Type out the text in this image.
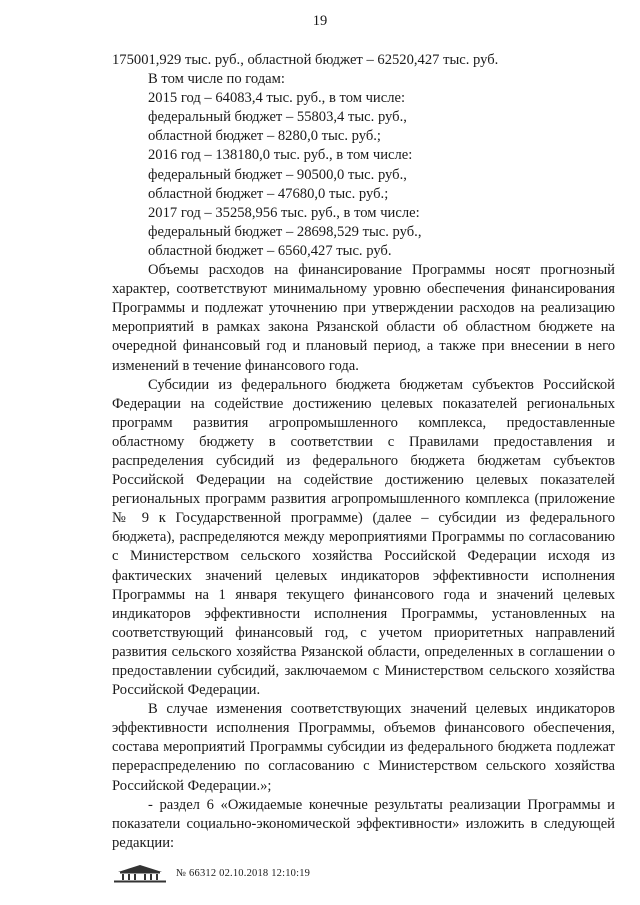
19

175001,929 тыс. руб., областной бюджет – 62520,427 тыс. руб.

В том числе по годам:

2015 год – 64083,4 тыс. руб., в том числе:

федеральный бюджет – 55803,4 тыс. руб.,

областной бюджет – 8280,0 тыс. руб.;

2016 год – 138180,0 тыс. руб., в том числе:

федеральный бюджет – 90500,0 тыс. руб.,

областной бюджет – 47680,0 тыс. руб.;

2017 год – 35258,956 тыс. руб., в том числе:

федеральный бюджет – 28698,529 тыс. руб.,

областной бюджет – 6560,427 тыс. руб.

Объемы расходов на финансирование Программы носят прогнозный характер, соответствуют минимальному уровню обеспечения финансирования Программы и подлежат уточнению при утверждении расходов на реализацию мероприятий в рамках закона Рязанской области об областном бюджете на очередной финансовый год и плановый период, а также при внесении в него изменений в течение финансового года.

Субсидии из федерального бюджета бюджетам субъектов Российской Федерации на содействие достижению целевых показателей региональных программ развития агропромышленного комплекса, предоставленные областному бюджету в соответствии с Правилами предоставления и распределения субсидий из федерального бюджета бюджетам субъектов Российской Федерации на содействие достижению целевых показателей региональных программ развития агропромышленного комплекса (приложение № 9 к Государственной программе) (далее – субсидии из федерального бюджета), распределяются между мероприятиями Программы по согласованию с Министерством сельского хозяйства Российской Федерации исходя из фактических значений целевых индикаторов эффективности исполнения Программы на 1 января текущего финансового года и значений целевых индикаторов эффективности исполнения Программы, установленных на соответствующий финансовый год, с учетом приоритетных направлений развития сельского хозяйства Рязанской области, определенных в соглашении о предоставлении субсидий, заключаемом с Министерством сельского хозяйства Российской Федерации.

В случае изменения соответствующих значений целевых индикаторов эффективности исполнения Программы, объемов финансового обеспечения, состава мероприятий Программы субсидии из федерального бюджета подлежат перераспределению по согласованию с Министерством сельского хозяйства Российской Федерации.»;

- раздел 6 «Ожидаемые конечные результаты реализации Программы и показатели социально-экономической эффективности» изложить в следующей редакции:

№ 66312 02.10.2018 12:10:19
